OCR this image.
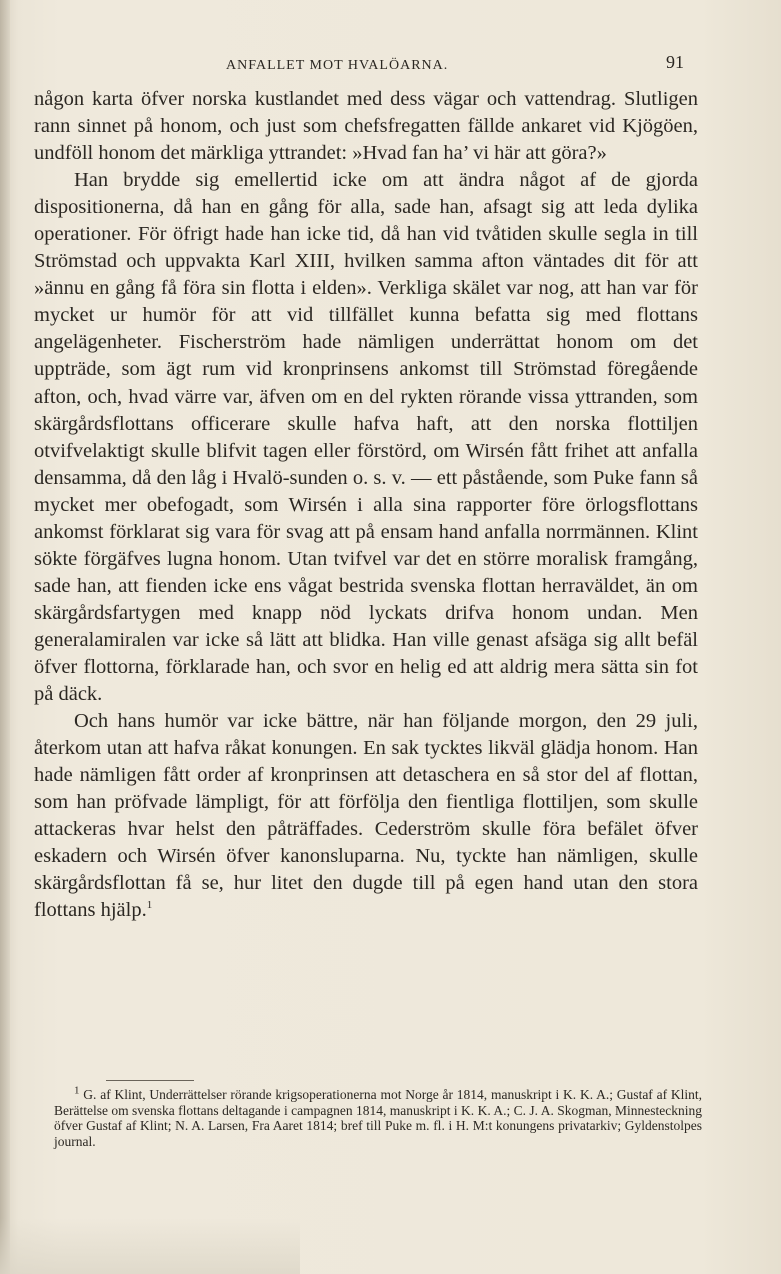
ANFALLET MOT HVALÖARNA.	91

någon karta öfver norska kustlandet med dess vägar och vattendrag. Slutligen rann sinnet på honom, och just som chefsfregatten fällde ankaret vid Kjögöen, undföll honom det märkliga yttrandet: »Hvad fan ha’ vi här att göra?»

Han brydde sig emellertid icke om att ändra något af de gjorda dispositionerna, då han en gång för alla, sade han, afsagt sig att leda dylika operationer. För öfrigt hade han icke tid, då han vid tvåtiden skulle segla in till Strömstad och uppvakta Karl XIII, hvilken samma afton väntades dit för att »ännu en gång få föra sin flotta i elden». Verkliga skälet var nog, att han var för mycket ur humör för att vid tillfället kunna befatta sig med flottans angelägenheter. Fischerström hade nämligen underrättat honom om det uppträde, som ägt rum vid kronprinsens ankomst till Strömstad föregående afton, och, hvad värre var, äfven om en del rykten rörande vissa yttranden, som skärgårdsflottans officerare skulle hafva haft, att den norska flottiljen otvifvelaktigt skulle blifvit tagen eller förstörd, om Wirsén fått frihet att anfalla densamma, då den låg i Hvalö-sunden o. s. v. — ett påstående, som Puke fann så mycket mer obefogadt, som Wirsén i alla sina rapporter före örlogsflottans ankomst förklarat sig vara för svag att på ensam hand anfalla norrmännen. Klint sökte förgäfves lugna honom. Utan tvifvel var det en större moralisk framgång, sade han, att fienden icke ens vågat bestrida svenska flottan herraväldet, än om skärgårdsfartygen med knapp nöd lyckats drifva honom undan. Men generalamiralen var icke så lätt att blidka. Han ville genast afsäga sig allt befäl öfver flottorna, förklarade han, och svor en helig ed att aldrig mera sätta sin fot på däck.

Och hans humör var icke bättre, när han följande morgon, den 29 juli, återkom utan att hafva råkat konungen. En sak tycktes likväl glädja honom. Han hade nämligen fått order af kronprinsen att detaschera en så stor del af flottan, som han pröfvade lämpligt, för att förfölja den fientliga flottiljen, som skulle attackeras hvar helst den påträffades. Cederström skulle föra befälet öfver eskadern och Wirsén öfver kanonsluparna. Nu, tyckte han nämligen, skulle skärgårdsflottan få se, hur litet den dugde till på egen hand utan den stora flottans hjälp.$^1$

$^1$ G. af Klint, Underrättelser rörande krigsoperationerna mot Norge år 1814, manuskript i K. K. A.; Gustaf af Klint, Berättelse om svenska flottans deltagande i campagnen 1814, manuskript i K. K. A.; C. J. A. Skogman, Minnesteckning öfver Gustaf af Klint; N. A. Larsen, Fra Aaret 1814; bref till Puke m. fl. i H. M:t konungens privatarkiv; Gyldenstolpes journal.
